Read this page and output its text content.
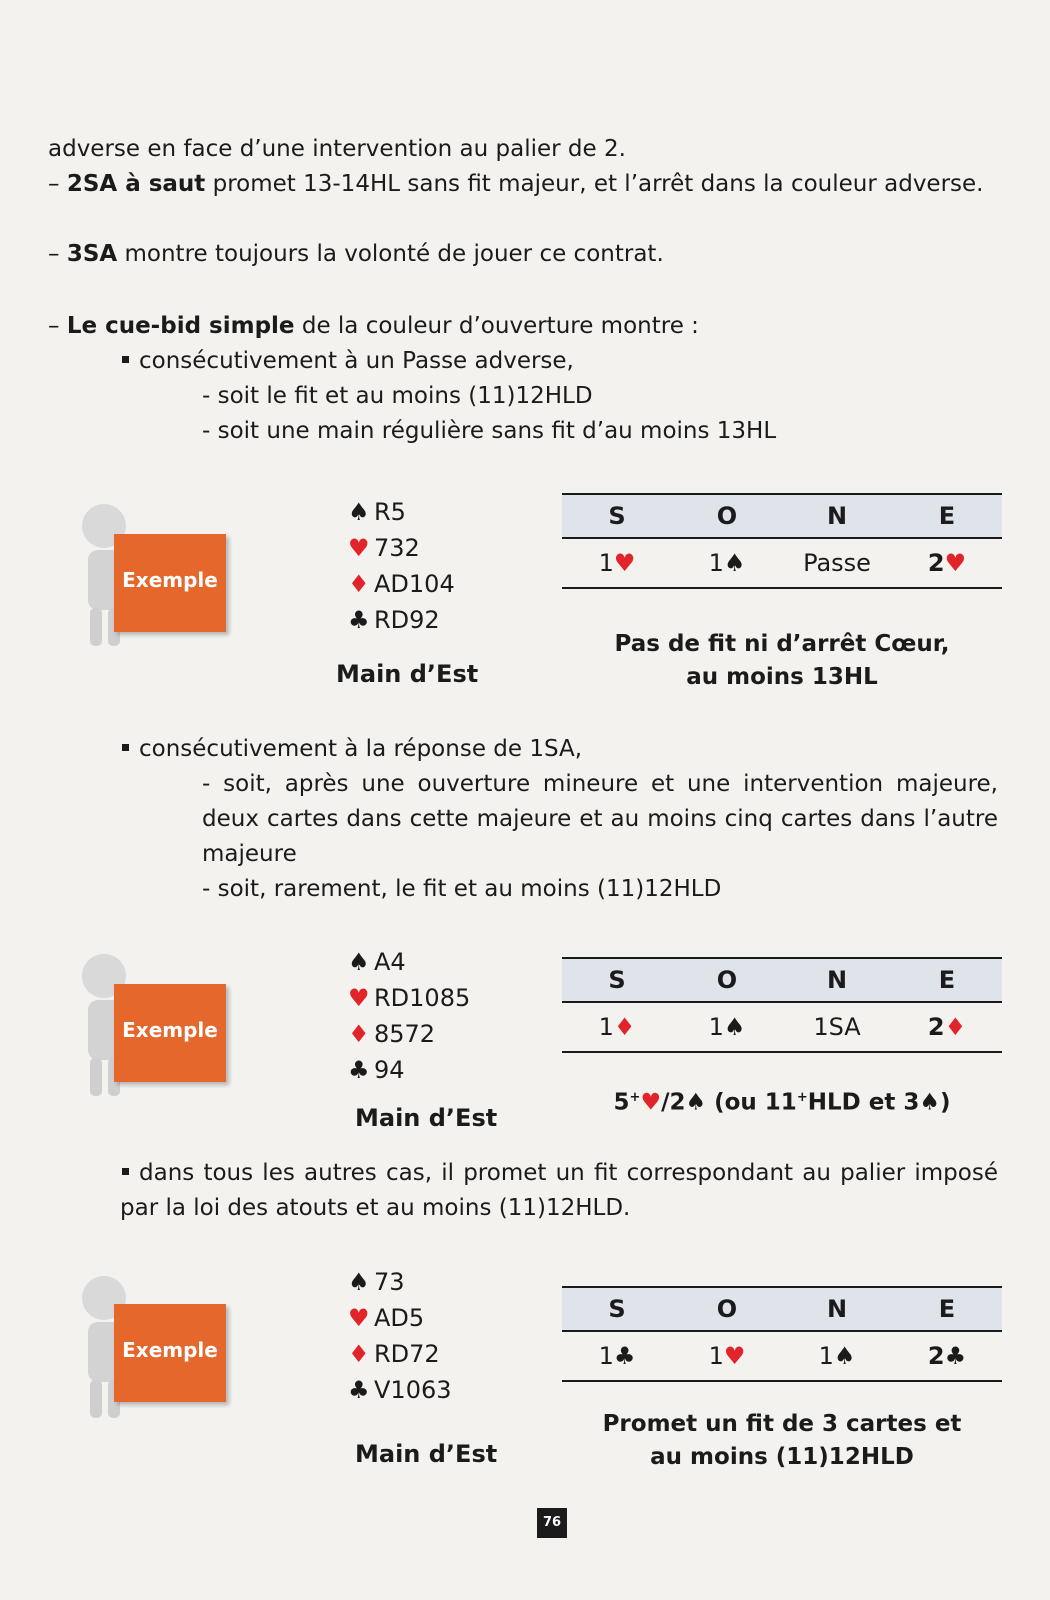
adverse en face d’une intervention au palier de 2.
– 2SA à saut promet 13-14HL sans fit majeur, et l’arrêt dans la couleur adverse.
– 3SA montre toujours la volonté de jouer ce contrat.
– Le cue-bid simple de la couleur d’ouverture montre :
consécutivement à un Passe adverse,
- soit le fit et au moins (11)12HLD
- soit une main régulière sans fit d’au moins 13HL
consécutivement à la réponse de 1SA,
- soit, après une ouverture mineure et une intervention majeure, deux cartes dans cette majeure et au moins cinq cartes dans l’autre majeure
- soit, rarement, le fit et au moins (11)12HLD
dans tous les autres cas, il promet un fit correspondant au palier imposé par la loi des atouts et au moins (11)12HLD.
Exemple
Exemple
Exemple
♠ R5
♥ 732
♦ AD104
♣ RD92
Main d’Est
S	O	N	E
1♥	1♠	Passe	2♥
Pas de fit ni d’arrêt Cœur,
au moins 13HL
♠ A4
♥ RD1085
♦ 8572
♣ 94
Main d’Est
S	O	N	E
1♦	1♠	1SA	2♦
5+♥/2♠ (ou 11+HLD et 3♠)
♠ 73
♥ AD5
♦ RD72
♣ V1063
Main d’Est
S	O	N	E
1♣	1♥	1♠	2♣
Promet un fit de 3 cartes et
au moins (11)12HLD
76
